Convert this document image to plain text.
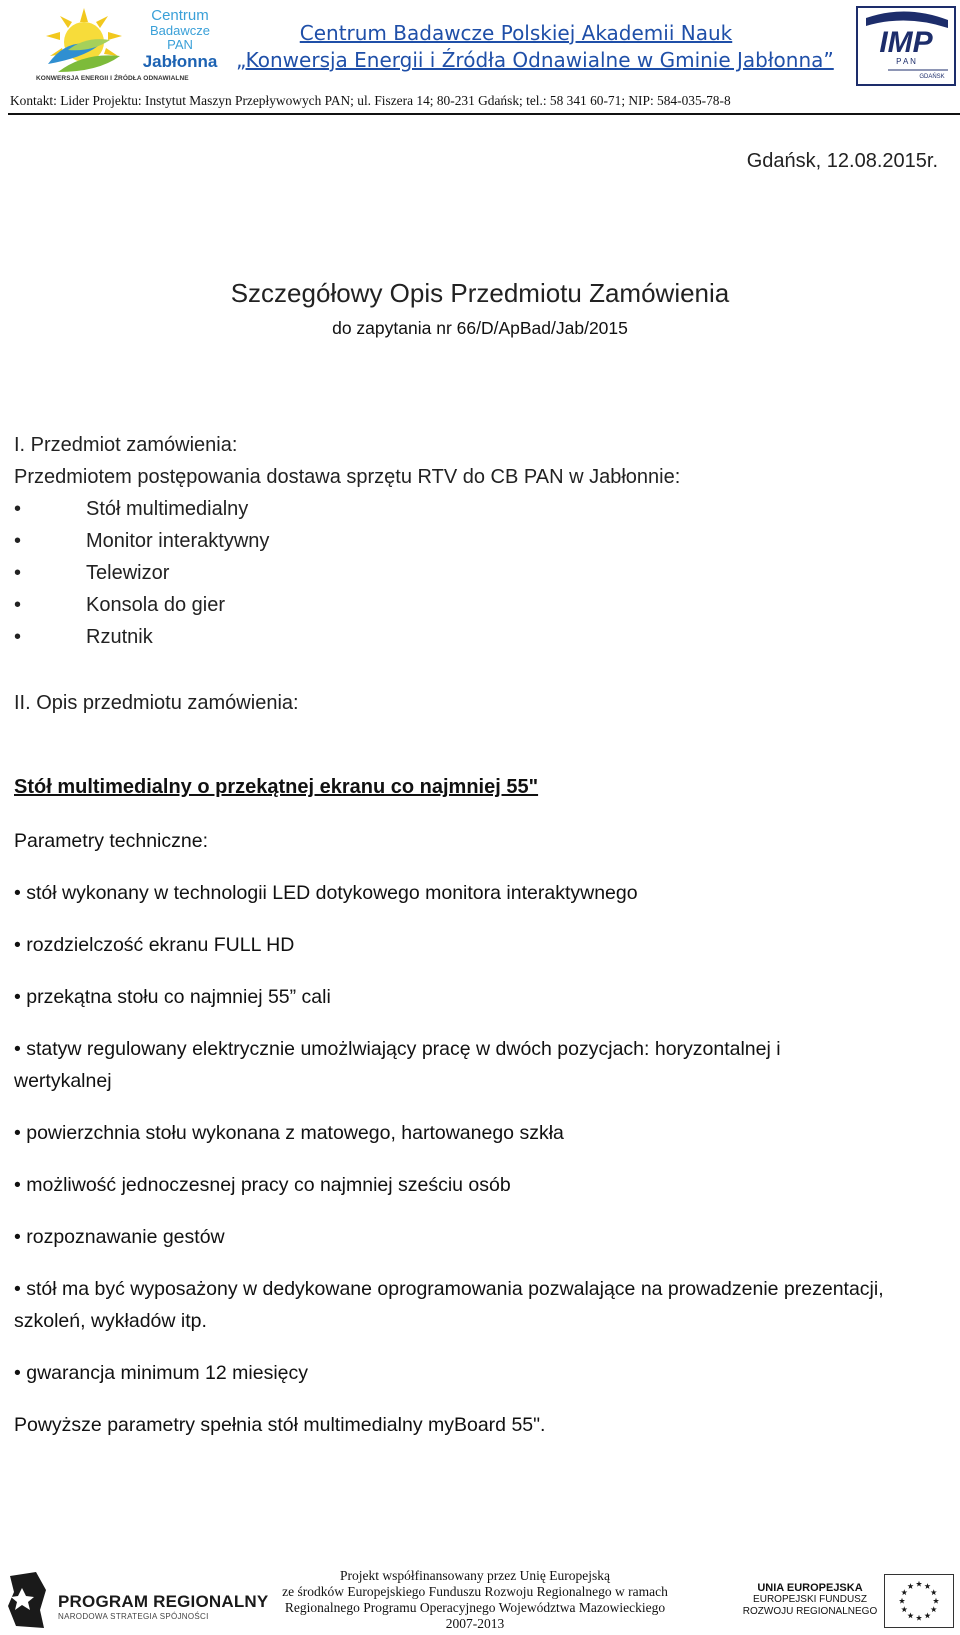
Centrum
Badawcze
PAN
Jabłonna
KONWERSJA ENERGII I ŹRÓDŁA ODNAWIALNE
Centrum Badawcze Polskiej Akademii Nauk
„Konwersja Energii i Źródła Odnawialne w Gminie Jabłonna”
IMP
P A N
GDAŃSK
Kontakt: Lider Projektu: Instytut Maszyn Przepływowych PAN; ul. Fiszera 14; 80-231 Gdańsk; tel.: 58 341 60-71; NIP: 584-035-78-8
Gdańsk, 12.08.2015r.
Szczegółowy Opis Przedmiotu Zamówienia
do zapytania nr 66/D/ApBad/Jab/2015
I. Przedmiot zamówienia:
Przedmiotem postępowania dostawa sprzętu RTV do CB PAN w Jabłonnie:
•	Stół multimedialny
•	Monitor interaktywny
•	Telewizor
•	Konsola do gier
•	Rzutnik
II. Opis przedmiotu zamówienia:
Stół multimedialny o przekątnej ekranu co najmniej 55"
Parametry techniczne:
• stół wykonany w technologii LED dotykowego monitora interaktywnego
• rozdzielczość ekranu FULL HD
• przekątna stołu co najmniej 55” cali
• statyw regulowany elektrycznie umożlwiający pracę w dwóch pozycjach: horyzontalnej i
wertykalnej
• powierzchnia stołu wykonana z matowego, hartowanego szkła
• możliwość jednoczesnej pracy co najmniej sześciu osób
• rozpoznawanie gestów
• stół ma być wyposażony w dedykowane oprogramowania pozwalające na prowadzenie prezentacji,
szkoleń, wykładów itp.
• gwarancja minimum 12 miesięcy
Powyższe parametry spełnia stół multimedialny myBoard 55".
PROGRAM REGIONALNY
NARODOWA STRATEGIA SPÓJNOŚCI
Projekt współfinansowany przez Unię Europejską
ze środków Europejskiego Funduszu Rozwoju Regionalnego w ramach
Regionalnego Programu Operacyjnego Województwa Mazowieckiego
2007-2013
UNIA EUROPEJSKA
EUROPEJSKI FUNDUSZ
ROZWOJU REGIONALNEGO
